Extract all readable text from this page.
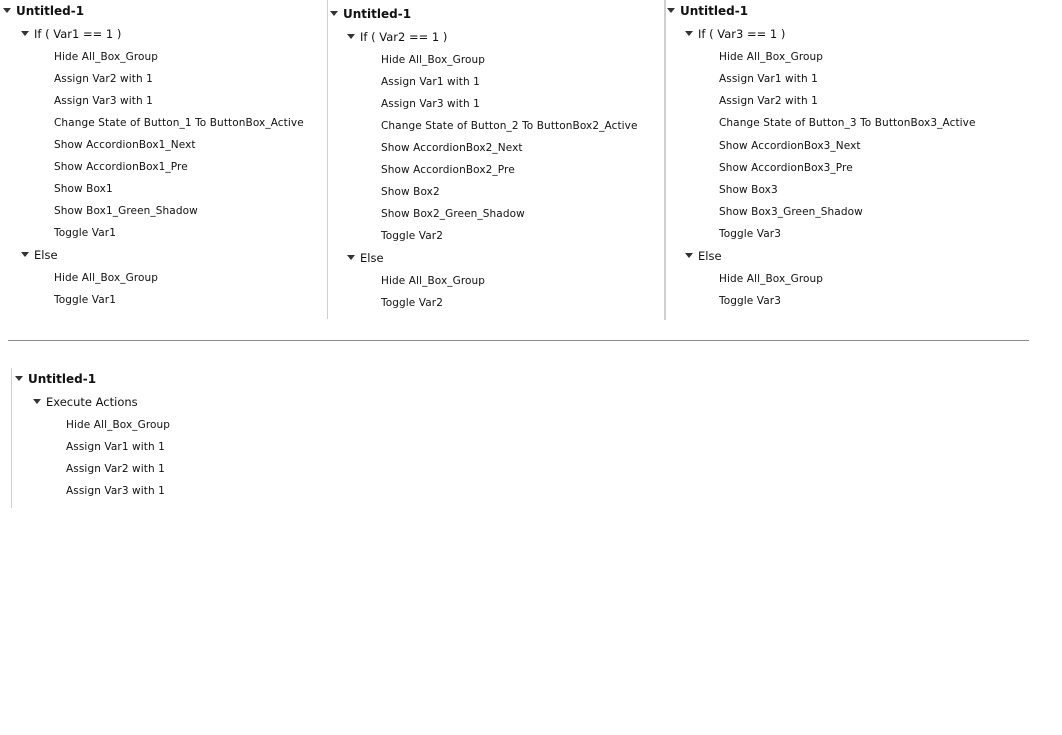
Untitled-1
If ( Var1 == 1 )
Hide All_Box_Group
Assign Var2 with 1
Assign Var3 with 1
Change State of Button_1 To ButtonBox_Active
Show AccordionBox1_Next
Show AccordionBox1_Pre
Show Box1
Show Box1_Green_Shadow
Toggle Var1
Else
Hide All_Box_Group
Toggle Var1
Untitled-1
If ( Var2 == 1 )
Hide All_Box_Group
Assign Var1 with 1
Assign Var3 with 1
Change State of Button_2 To ButtonBox2_Active
Show AccordionBox2_Next
Show AccordionBox2_Pre
Show Box2
Show Box2_Green_Shadow
Toggle Var2
Else
Hide All_Box_Group
Toggle Var2
Untitled-1
If ( Var3 == 1 )
Hide All_Box_Group
Assign Var1 with 1
Assign Var2 with 1
Change State of Button_3 To ButtonBox3_Active
Show AccordionBox3_Next
Show AccordionBox3_Pre
Show Box3
Show Box3_Green_Shadow
Toggle Var3
Else
Hide All_Box_Group
Toggle Var3
Untitled-1
Execute Actions
Hide All_Box_Group
Assign Var1 with 1
Assign Var2 with 1
Assign Var3 with 1
